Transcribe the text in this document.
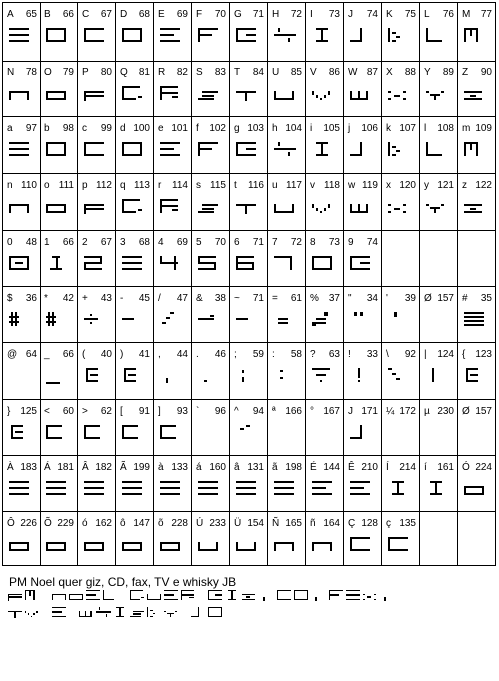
A 65 B 66 C 67 D 68 E 69 F 70 G 71 H 72 I 73 J 74 K 75 L 76 M 77
N 78 O 79 P 80 Q 81 R 82 S 83 T 84 U 85 V 86 W 87 X 88 Y 89 Z 90
a 97 b 98 c 99 d 100 e 101 f 102 g 103 h 104 i 105 j 106 k 107 l 108 m 109
n 110 o 111 p 112 q 113 r 114 s 115 t 116 u 117 v 118 w 119 x 120 y 121 z 122
0 48 1 66 2 67 3 68 4 69 5 70 6 71 7 72 8 73 9 74
$ 36 * 42 + 43 - 45 / 47 & 38 ~ 71 = 61 % 37 " 34 ' 39 Ø 157 # 35
@ 64 _ 66 ( 40 ) 41 , 44 . 46 ; 59 : 58 ? 63 ! 33 \ 92 | 124 { 123
} 125 < 60 > 62 [ 91 ] 93 ` 96 ^ 94 ª 166 ° 167 J 171 ¼ 172 µ 230 Ø 157
À 183 Á 181 Â 182 Ã 199 à 133 á 160 â 131 ã 198 É 144 Ê 210 Í 214 í 161 Ó 224
Ô 226 Õ 229 ó 162 ô 147 õ 228 Ú 233 Ü 154 Ñ 165 ñ 164 Ç 128 ç 135
PM Noel quer giz, CD, fax, TV e whisky JB
